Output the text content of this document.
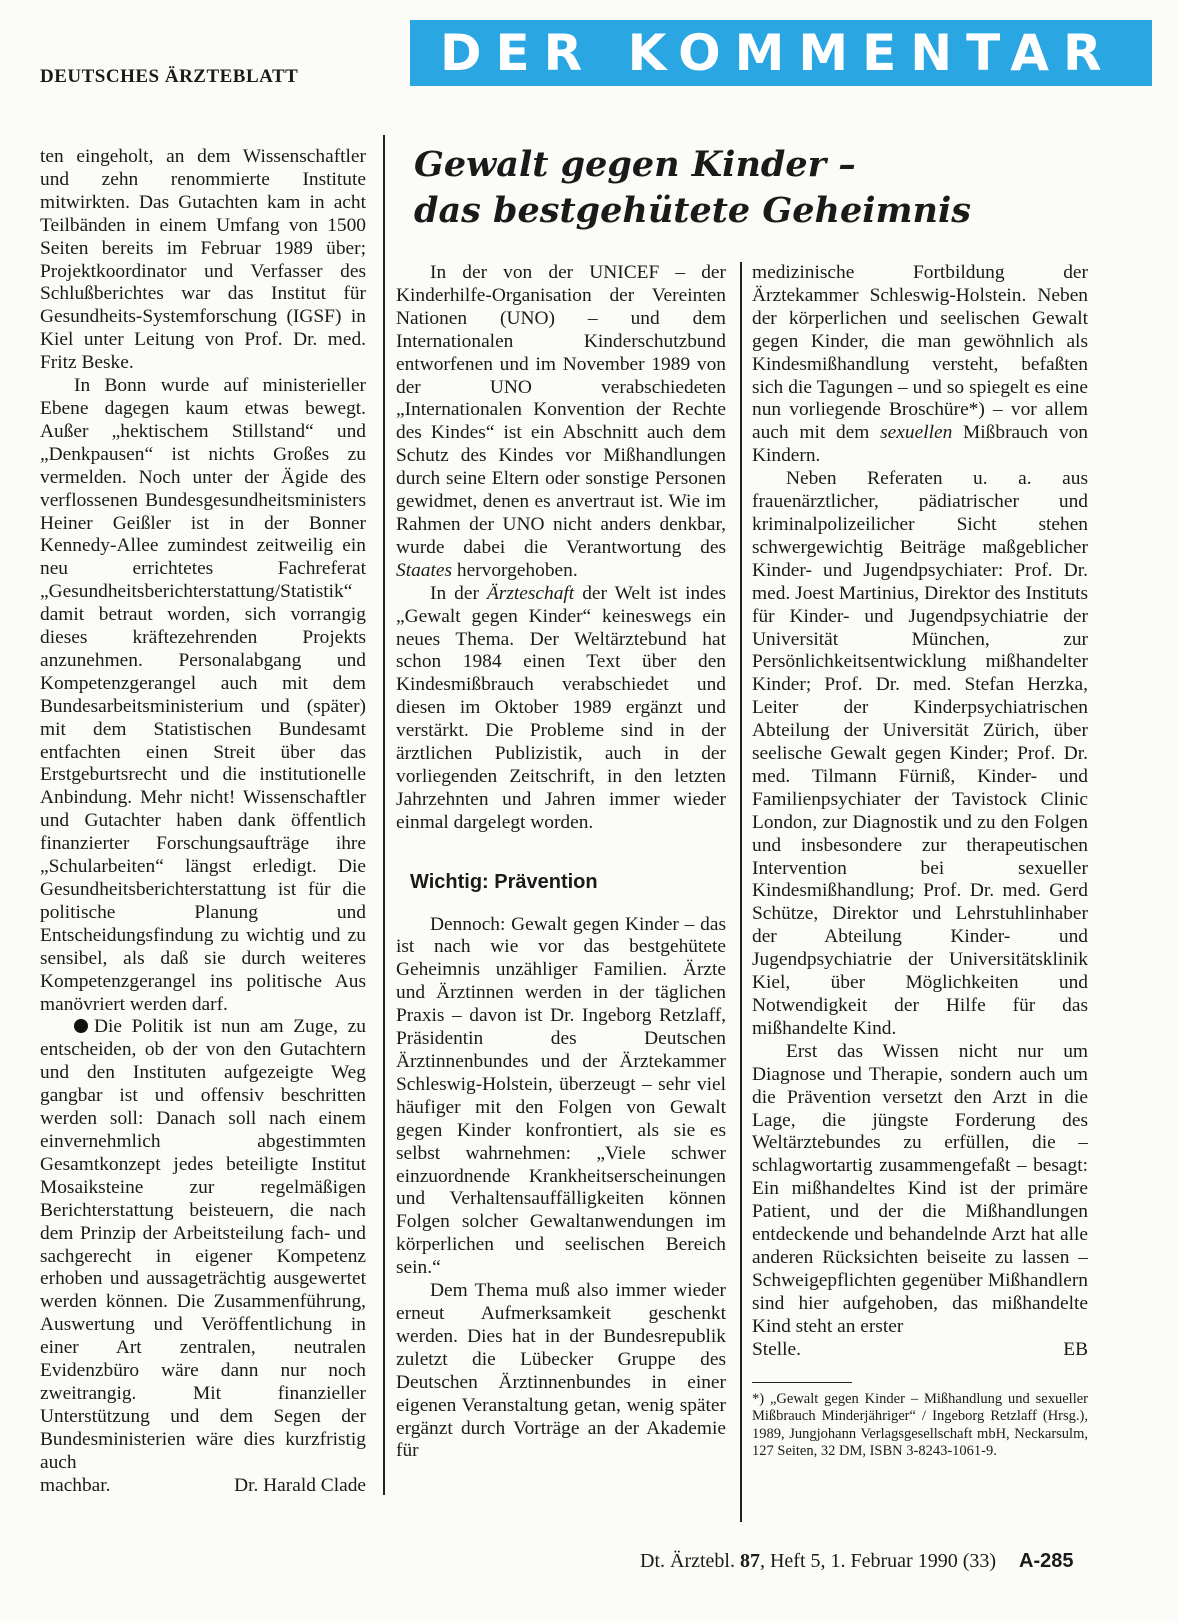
DEUTSCHES ÄRZTEBLATT	DER KOMMENTAR

ten eingeholt, an dem Wissenschaftler und zehn renommierte Institute mitwirkten. Das Gutachten kam in acht Teilbänden in einem Umfang von 1500 Seiten bereits im Februar 1989 über; Projektkoordinator und Verfasser des Schlußberichtes war das Institut für Gesundheits-Systemforschung (IGSF) in Kiel unter Leitung von Prof. Dr. med. Fritz Beske.

In Bonn wurde auf ministerieller Ebene dagegen kaum etwas bewegt. Außer „hektischem Stillstand“ und „Denkpausen“ ist nichts Großes zu vermelden. Noch unter der Ägide des verflossenen Bundesgesundheitsministers Heiner Geißler ist in der Bonner Kennedy-Allee zumindest zeitweilig ein neu errichtetes Fachreferat „Gesundheitsberichterstattung/Statistik“ damit betraut worden, sich vorrangig dieses kräftezehrenden Projekts anzunehmen. Personalabgang und Kompetenzgerangel auch mit dem Bundesarbeitsministerium und (später) mit dem Statistischen Bundesamt entfachten einen Streit über das Erstgeburtsrecht und die institutionelle Anbindung. Mehr nicht! Wissenschaftler und Gutachter haben dank öffentlich finanzierter Forschungsaufträge ihre „Schularbeiten“ längst erledigt. Die Gesundheitsberichterstattung ist für die politische Planung und Entscheidungsfindung zu wichtig und zu sensibel, als daß sie durch weiteres Kompetenzgerangel ins politische Aus manövriert werden darf.

Die Politik ist nun am Zuge, zu entscheiden, ob der von den Gutachtern und den Instituten aufgezeigte Weg gangbar ist und offensiv beschritten werden soll: Danach soll nach einem einvernehmlich abgestimmten Gesamtkonzept jedes beteiligte Institut Mosaiksteine zur regelmäßigen Berichterstattung beisteuern, die nach dem Prinzip der Arbeitsteilung fach- und sachgerecht in eigener Kompetenz erhoben und aussageträchtig ausgewertet werden können. Die Zusammenführung, Auswertung und Veröffentlichung in einer Art zentralen, neutralen Evidenzbüro wäre dann nur noch zweitrangig. Mit finanzieller Unterstützung und dem Segen der Bundesministerien wäre dies kurzfristig auch

machbar.	Dr. Harald Clade
Gewalt gegen Kinder –
das bestgehütete Geheimnis

In der von der UNICEF – der Kinderhilfe-Organisation der Vereinten Nationen (UNO) – und dem Internationalen Kinderschutzbund entworfenen und im November 1989 von der UNO verabschiedeten „Internationalen Konvention der Rechte des Kindes“ ist ein Abschnitt auch dem Schutz des Kindes vor Mißhandlungen durch seine Eltern oder sonstige Personen gewidmet, denen es anvertraut ist. Wie im Rahmen der UNO nicht anders denkbar, wurde dabei die Verantwortung des Staates hervorgehoben.

In der Ärzteschaft der Welt ist indes „Gewalt gegen Kinder“ keineswegs ein neues Thema. Der Weltärztebund hat schon 1984 einen Text über den Kindesmißbrauch verabschiedet und diesen im Oktober 1989 ergänzt und verstärkt. Die Probleme sind in der ärztlichen Publizistik, auch in der vorliegenden Zeitschrift, in den letzten Jahrzehnten und Jahren immer wieder einmal dargelegt worden.

Wichtig: Prävention

Dennoch: Gewalt gegen Kinder – das ist nach wie vor das bestgehütete Geheimnis unzähliger Familien. Ärzte und Ärztinnen werden in der täglichen Praxis – davon ist Dr. Ingeborg Retzlaff, Präsidentin des Deutschen Ärztinnenbundes und der Ärztekammer Schleswig-Holstein, überzeugt – sehr viel häufiger mit den Folgen von Gewalt gegen Kinder konfrontiert, als sie es selbst wahrnehmen: „Viele schwer einzuordnende Krankheitserscheinungen und Verhaltensauffälligkeiten können Folgen solcher Gewaltanwendungen im körperlichen und seelischen Bereich sein.“

Dem Thema muß also immer wieder erneut Aufmerksamkeit geschenkt werden. Dies hat in der Bundesrepublik zuletzt die Lübecker Gruppe des Deutschen Ärztinnenbundes in einer eigenen Veranstaltung getan, wenig später ergänzt durch Vorträge an der Akademie für

medizinische Fortbildung der Ärztekammer Schleswig-Holstein. Neben der körperlichen und seelischen Gewalt gegen Kinder, die man gewöhnlich als Kindesmißhandlung versteht, befaßten sich die Tagungen – und so spiegelt es eine nun vorliegende Broschüre*) – vor allem auch mit dem sexuellen Mißbrauch von Kindern.

Neben Referaten u. a. aus frauenärztlicher, pädiatrischer und kriminalpolizeilicher Sicht stehen schwergewichtig Beiträge maßgeblicher Kinder- und Jugendpsychiater: Prof. Dr. med. Joest Martinius, Direktor des Instituts für Kinder- und Jugendpsychiatrie der Universität München, zur Persönlichkeitsentwicklung mißhandelter Kinder; Prof. Dr. med. Stefan Herzka, Leiter der Kinderpsychiatrischen Abteilung der Universität Zürich, über seelische Gewalt gegen Kinder; Prof. Dr. med. Tilmann Fürniß, Kinder- und Familienpsychiater der Tavistock Clinic London, zur Diagnostik und zu den Folgen und insbesondere zur therapeutischen Intervention bei sexueller Kindesmißhandlung; Prof. Dr. med. Gerd Schütze, Direktor und Lehrstuhlinhaber der Abteilung Kinder- und Jugendpsychiatrie der Universitätsklinik Kiel, über Möglichkeiten und Notwendigkeit der Hilfe für das mißhandelte Kind.

Erst das Wissen nicht nur um Diagnose und Therapie, sondern auch um die Prävention versetzt den Arzt in die Lage, die jüngste Forderung des Weltärztebundes zu erfüllen, die – schlagwortartig zusammengefaßt – besagt: Ein mißhandeltes Kind ist der primäre Patient, und der die Mißhandlungen entdeckende und behandelnde Arzt hat alle anderen Rücksichten beiseite zu lassen – Schweigepflichten gegenüber Mißhandlern sind hier aufgehoben, das mißhandelte Kind steht an erster

Stelle.	EB
*) „Gewalt gegen Kinder – Mißhandlung und sexueller Mißbrauch Minderjähriger“ / Ingeborg Retzlaff (Hrsg.), 1989, Jungjohann Verlagsgesellschaft mbH, Neckarsulm, 127 Seiten, 32 DM, ISBN 3-8243-1061-9.
Dt. Ärztebl. 87, Heft 5, 1. Februar 1990 (33) A-285
